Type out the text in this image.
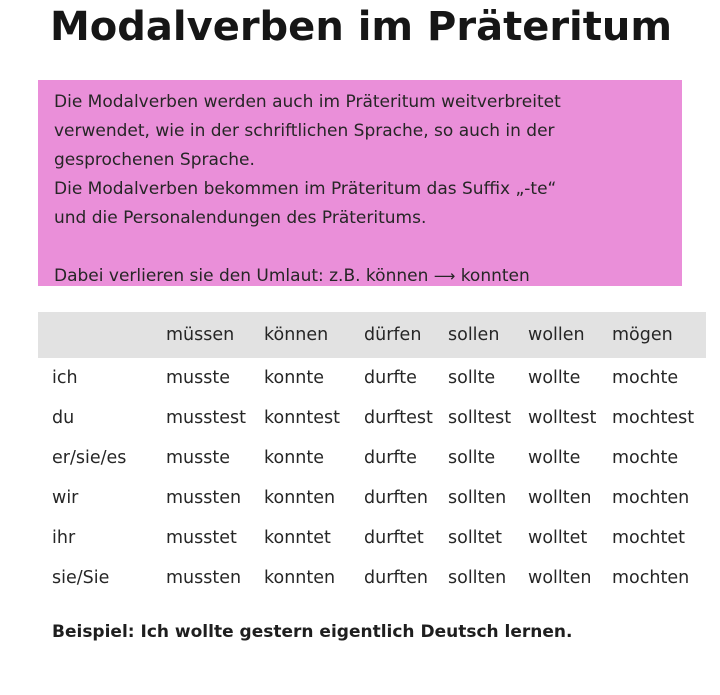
Modalverben im Präteritum

Die Modalverben werden auch im Präteritum weitverbreitet

verwendet, wie in der schriftlichen Sprache, so auch in der

gesprochenen Sprache.

Die Modalverben bekommen im Präteritum das Suffix „-te“

und die Personalendungen des Präteritums.

Dabei verlieren sie den Umlaut: z.B. können ⟶ konnten

	müssen	können	dürfen	sollen	wollen	mögen
ich	musste	konnte	durfte	sollte	wollte	mochte
du	musstest	konntest	durftest	solltest	wolltest	mochtest
er/sie/es	musste	konnte	durfte	sollte	wollte	mochte
wir	mussten	konnten	durften	sollten	wollten	mochten
ihr	musstet	konntet	durftet	solltet	wolltet	mochtet
sie/Sie	mussten	konnten	durften	sollten	wollten	mochten
Beispiel: Ich wollte gestern eigentlich Deutsch lernen.
